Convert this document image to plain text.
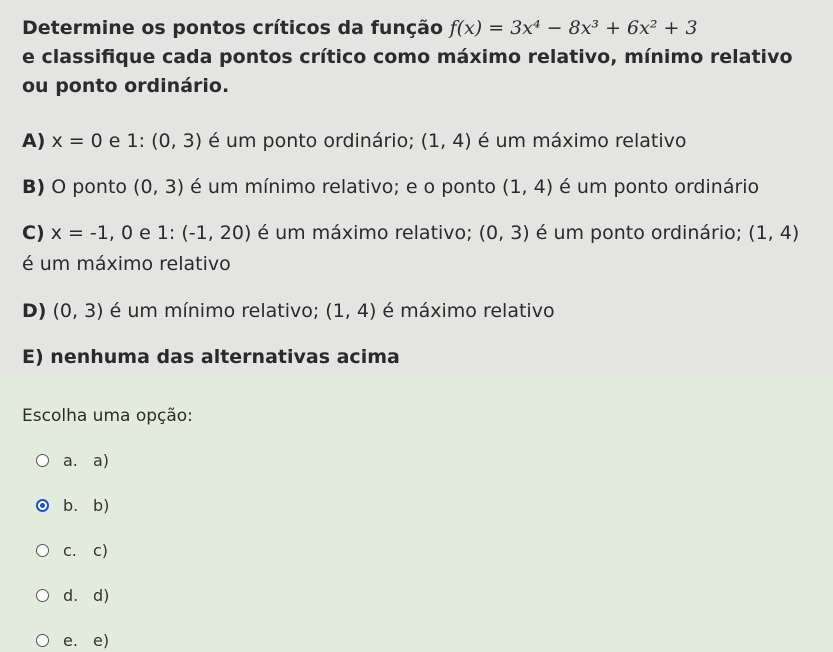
Determine os pontos críticos da função f(x) = 3x⁴ − 8x³ + 6x² + 3
e classifique cada pontos crítico como máximo relativo, mínimo relativo ou ponto ordinário.
A) x = 0 e 1: (0, 3) é um ponto ordinário; (1, 4) é um máximo relativo
B) O ponto (0, 3) é um mínimo relativo; e o ponto (1, 4) é um ponto ordinário
C) x = -1, 0 e 1: (-1, 20) é um máximo relativo; (0, 3) é um ponto ordinário; (1, 4) é um máximo relativo
D) (0, 3) é um mínimo relativo; (1, 4) é máximo relativo
E) nenhuma das alternativas acima
Escolha uma opção:
a. a)
b. b)
c.	c)
d. d)
e. e)
